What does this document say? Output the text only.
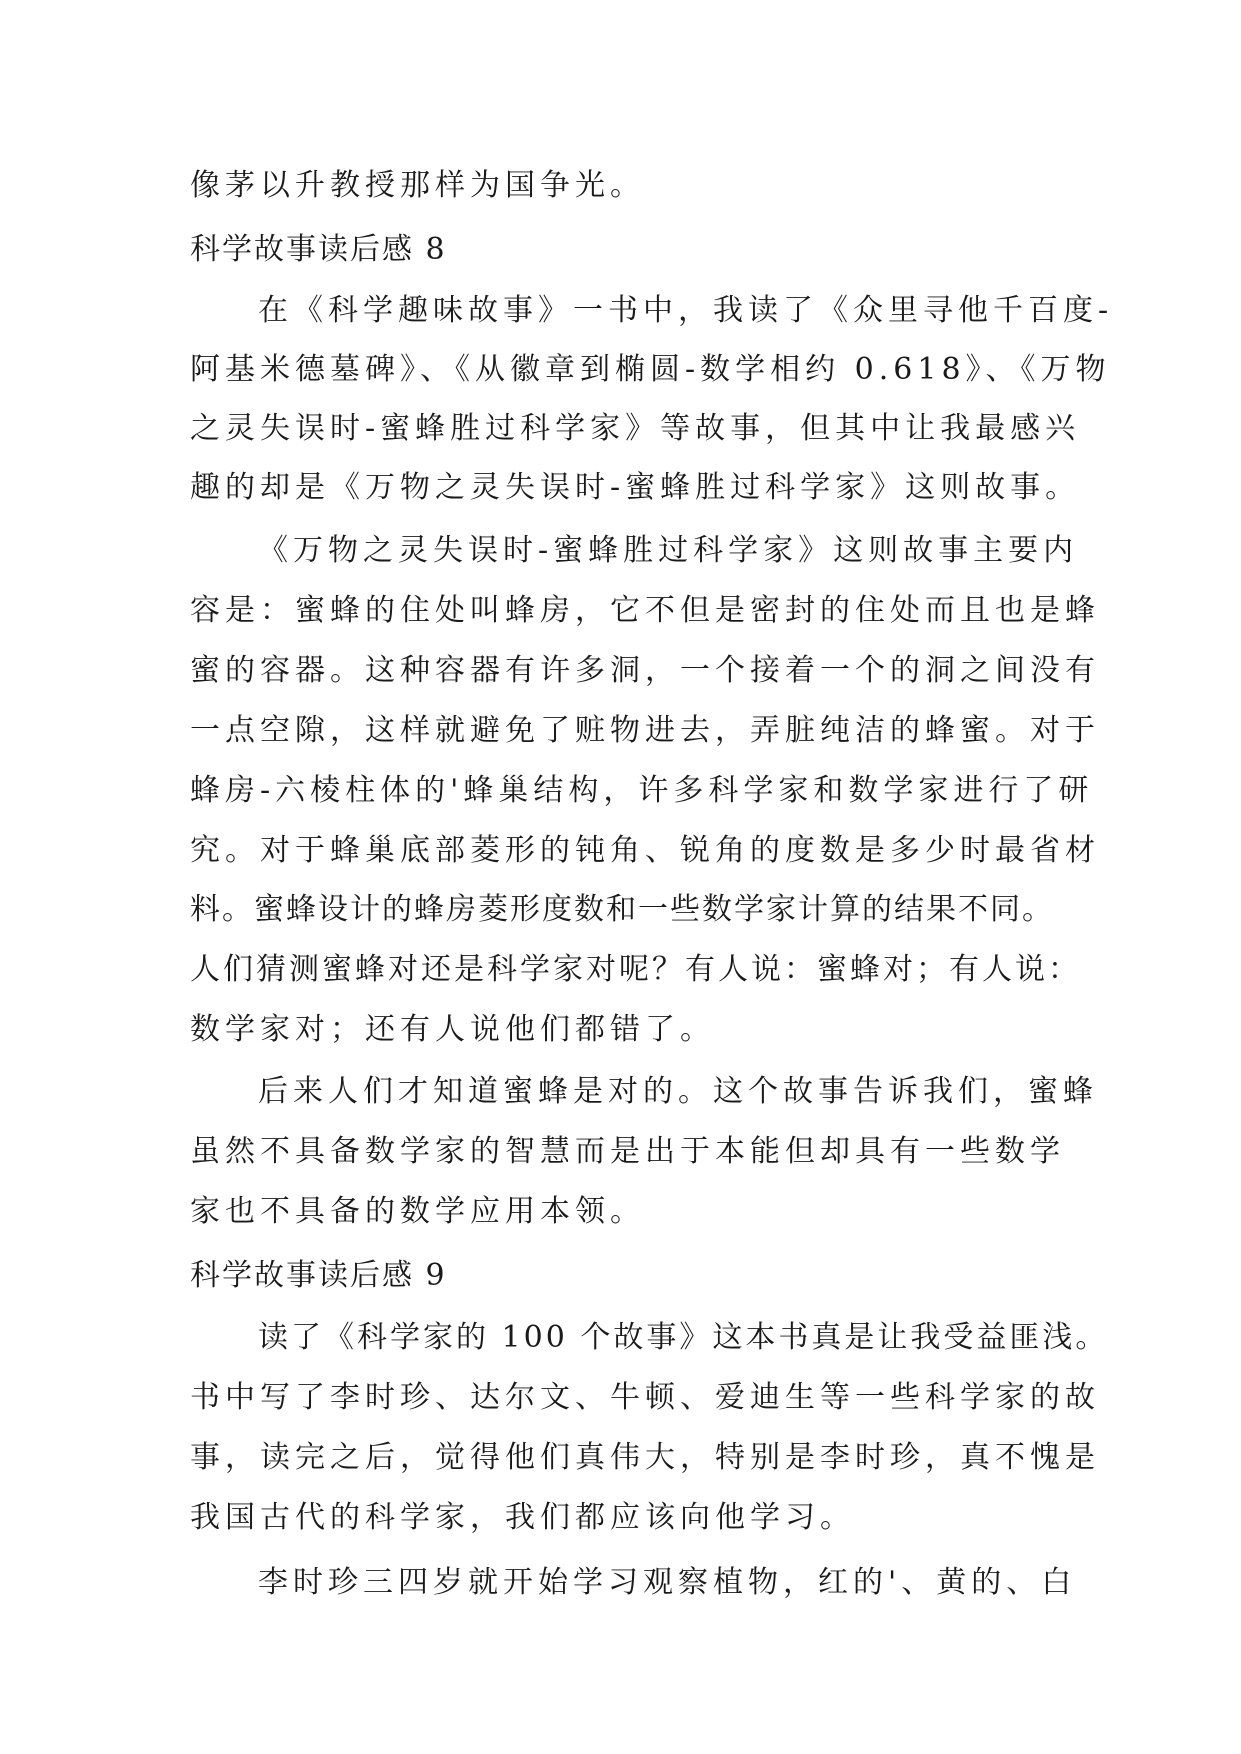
像茅以升教授那样为国争光。
科学故事读后感 8
在《科学趣味故事》一书中，我读了《众里寻他千百度-
阿基米德墓碑》、《从徽章到椭圆-数学相约 0.618》、《万物
之灵失误时-蜜蜂胜过科学家》等故事，但其中让我最感兴
趣的却是《万物之灵失误时-蜜蜂胜过科学家》这则故事。
《万物之灵失误时-蜜蜂胜过科学家》这则故事主要内
容是：蜜蜂的住处叫蜂房，它不但是密封的住处而且也是蜂
蜜的容器。这种容器有许多洞，一个接着一个的洞之间没有
一点空隙，这样就避免了赃物进去，弄脏纯洁的蜂蜜。对于
蜂房-六棱柱体的'蜂巢结构，许多科学家和数学家进行了研
究。对于蜂巢底部菱形的钝角、锐角的度数是多少时最省材
料。蜜蜂设计的蜂房菱形度数和一些数学家计算的结果不同。
人们猜测蜜蜂对还是科学家对呢？有人说：蜜蜂对；有人说：
数学家对；还有人说他们都错了。
后来人们才知道蜜蜂是对的。这个故事告诉我们，蜜蜂
虽然不具备数学家的智慧而是出于本能但却具有一些数学
家也不具备的数学应用本领。
科学故事读后感 9
读了《科学家的 100 个故事》这本书真是让我受益匪浅。
书中写了李时珍、达尔文、牛顿、爱迪生等一些科学家的故
事，读完之后，觉得他们真伟大，特别是李时珍，真不愧是
我国古代的科学家，我们都应该向他学习。
李时珍三四岁就开始学习观察植物，红的'、黄的、白
